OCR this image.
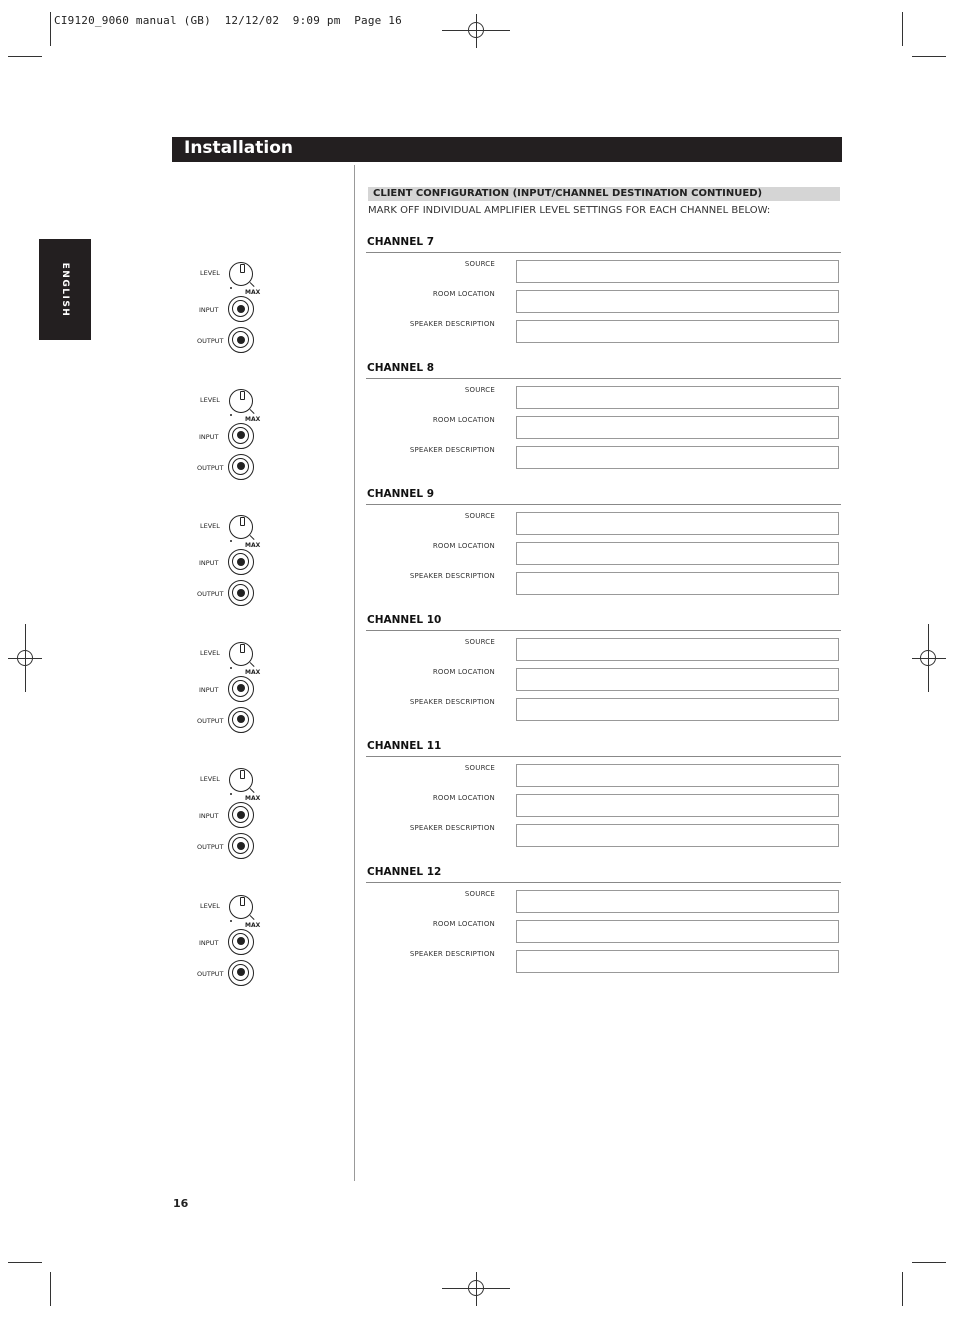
CI9120_9060 manual (GB)  12/12/02  9:09 pm  Page 16
Installation
ENGLISH
CLIENT CONFIGURATION (INPUT/CHANNEL DESTINATION CONTINUED)
MARK OFF INDIVIDUAL AMPLIFIER LEVEL SETTINGS FOR EACH CHANNEL BELOW:
CHANNEL 7
SOURCE
ROOM LOCATION
SPEAKER DESCRIPTION
CHANNEL 8
SOURCE
ROOM LOCATION
SPEAKER DESCRIPTION
CHANNEL 9
SOURCE
ROOM LOCATION
SPEAKER DESCRIPTION
CHANNEL 10
SOURCE
ROOM LOCATION
SPEAKER DESCRIPTION
CHANNEL 11
SOURCE
ROOM LOCATION
SPEAKER DESCRIPTION
CHANNEL 12
SOURCE
ROOM LOCATION
SPEAKER DESCRIPTION
LEVEL
MAX
INPUT
OUTPUT
LEVEL
MAX
INPUT
OUTPUT
LEVEL
MAX
INPUT
OUTPUT
LEVEL
MAX
INPUT
OUTPUT
LEVEL
MAX
INPUT
OUTPUT
LEVEL
MAX
INPUT
OUTPUT
16
